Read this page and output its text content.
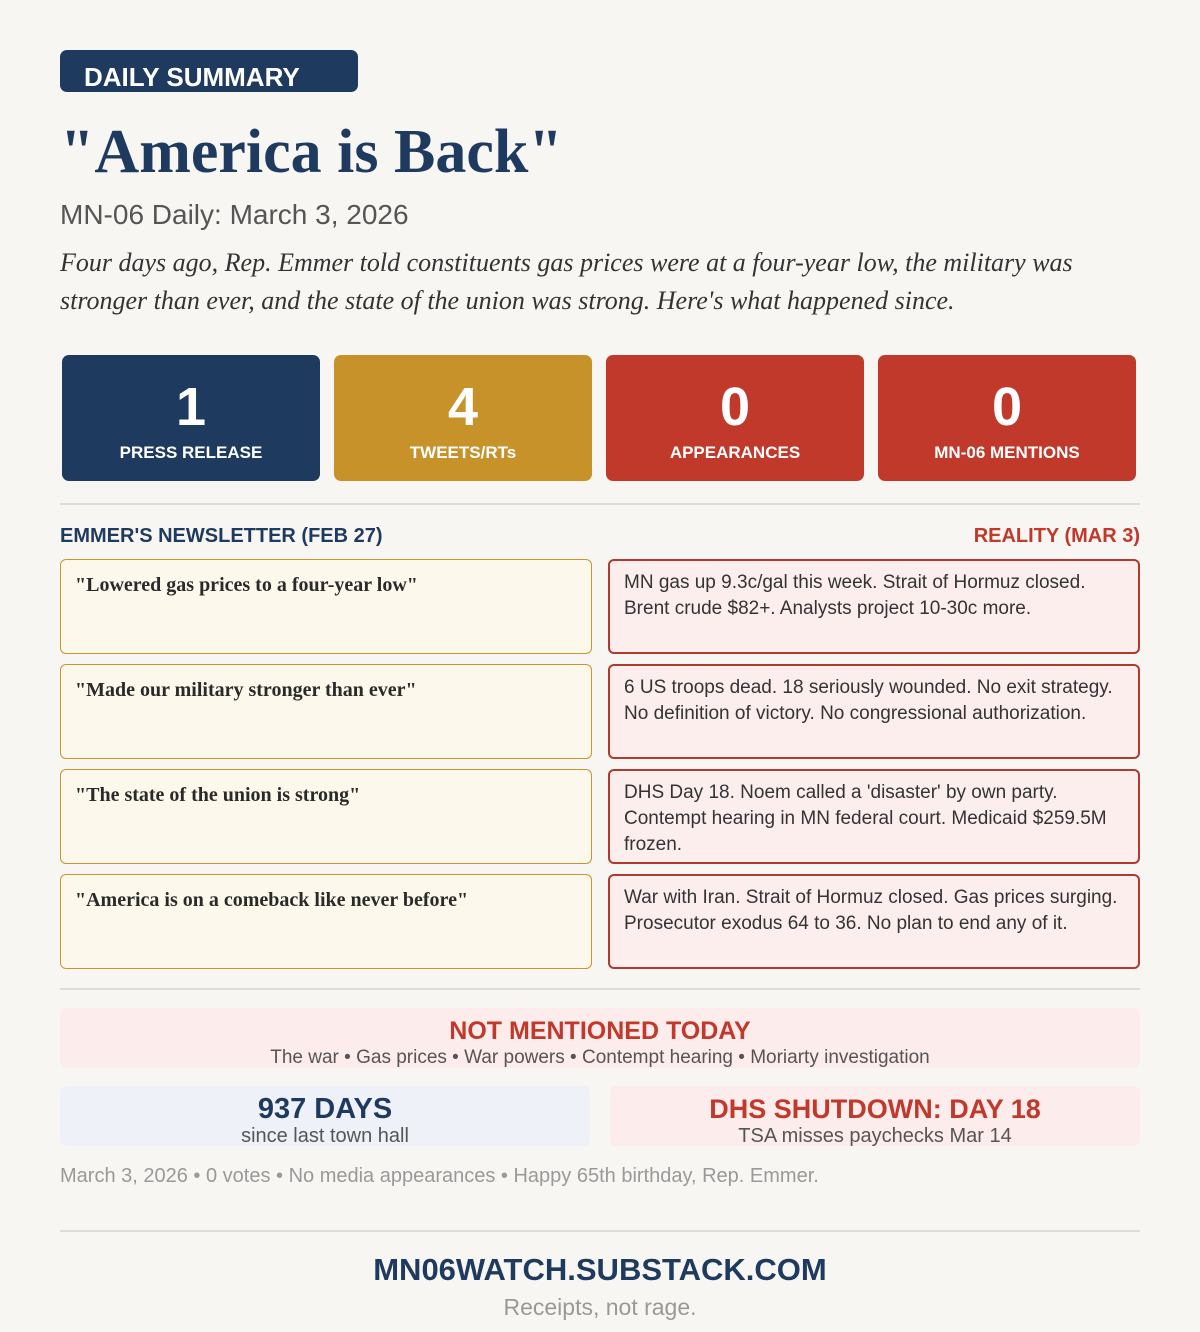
DAILY SUMMARY
"America is Back"
MN-06 Daily: March 3, 2026
Four days ago, Rep. Emmer told constituents gas prices were at a four-year low, the military was stronger than ever, and the state of the union was strong. Here's what happened since.
1
PRESS RELEASE
4
TWEETS/RTs
0
APPEARANCES
0
MN-06 MENTIONS
EMMER'S NEWSLETTER (FEB 27)	REALITY (MAR 3)
"Lowered gas prices to a four-year low"	MN gas up 9.3c/gal this week. Strait of Hormuz closed. Brent crude $82+. Analysts project 10-30c more.
"Made our military stronger than ever"	6 US troops dead. 18 seriously wounded. No exit strategy. No definition of victory. No congressional authorization.
"The state of the union is strong"	DHS Day 18. Noem called a 'disaster' by own party. Contempt hearing in MN federal court. Medicaid $259.5M frozen.
"America is on a comeback like never before"	War with Iran. Strait of Hormuz closed. Gas prices surging. Prosecutor exodus 64 to 36. No plan to end any of it.
NOT MENTIONED TODAY
The war • Gas prices • War powers • Contempt hearing • Moriarty investigation
937 DAYS
since last town hall
DHS SHUTDOWN: DAY 18
TSA misses paychecks Mar 14
March 3, 2026 • 0 votes • No media appearances • Happy 65th birthday, Rep. Emmer.
MN06WATCH.SUBSTACK.COM
Receipts, not rage.
